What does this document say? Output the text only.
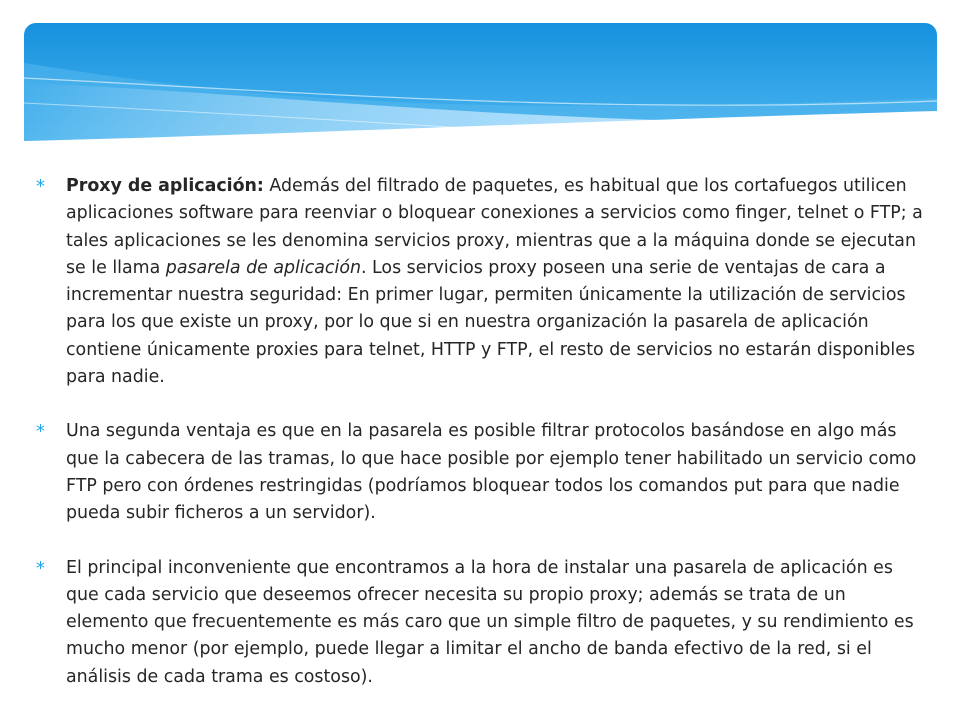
* Proxy de aplicación: Además del filtrado de paquetes, es habitual que los cortafuegos utilicen aplicaciones software para reenviar o bloquear conexiones a servicios como finger, telnet o FTP; a tales aplicaciones se les denomina servicios proxy, mientras que a la máquina donde se ejecutan se le llama pasarela de aplicación. Los servicios proxy poseen una serie de ventajas de cara a incrementar nuestra seguridad: En primer lugar, permiten únicamente la utilización de servicios para los que existe un proxy, por lo que si en nuestra organización la pasarela de aplicación contiene únicamente proxies para telnet, HTTP y FTP, el resto de servicios no estarán disponibles para nadie.
* Una segunda ventaja es que en la pasarela es posible filtrar protocolos basándose en algo más que la cabecera de las tramas, lo que hace posible por ejemplo tener habilitado un servicio como FTP pero con órdenes restringidas (podríamos bloquear todos los comandos put para que nadie pueda subir ficheros a un servidor).
* El principal inconveniente que encontramos a la hora de instalar una pasarela de aplicación es que cada servicio que deseemos ofrecer necesita su propio proxy; además se trata de un elemento que frecuentemente es más caro que un simple filtro de paquetes, y su rendimiento es mucho menor (por ejemplo, puede llegar a limitar el ancho de banda efectivo de la red, si el análisis de cada trama es costoso).
